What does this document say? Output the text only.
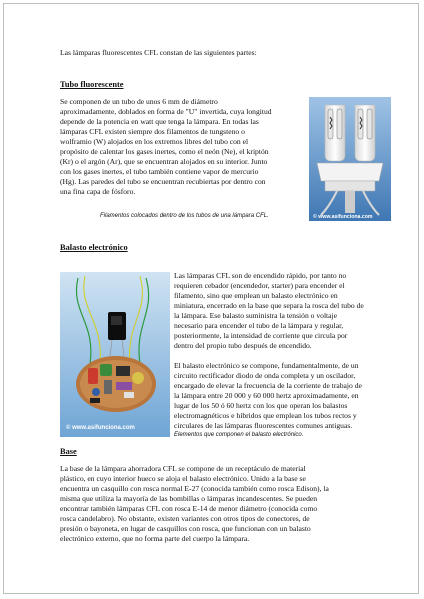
Las lámparas fluorescentes CFL constan de las siguientes partes:

Tubo fluorescente

Se componen de un tubo de unos 6 mm de diámetro

aproximadamente, doblados en forma de "U" invertida, cuya longitud

depende de la potencia en watt que tenga la lámpara. En todas las

lámparas CFL existen siempre dos filamentos de tungsteno o

wolframio (W) alojados en los extremos libres del tubo con el

propósito de calentar los gases inertes, como el neón (Ne), el kriptón

(Kr) o el argón (Ar), que se encuentran alojados en su interior. Junto

con los gases inertes, el tubo también contiene vapor de mercurio

(Hg). Las paredes del tubo se encuentran recubiertas por dentro con

una fina capa de fósforo.

© www.asifunciona.com

Filamentos colocados dentro de los tubos de una lámpara CFL.

Balasto electrónico

© www.asifunciona.com

Las lámparas CFL son de encendido rápido, por tanto no

requieren cebador (encendedor, starter) para encender el

filamento, sino que emplean un balasto electrónico en

miniatura, encerrado en la base que separa la rosca del tubo de

la lámpara. Ese balasto suministra la tensión o voltaje

necesario para encender el tubo de la lámpara y regular,

posteriormente, la intensidad de corriente que circula por

dentro del propio tubo después de encendido.

El balasto electrónico se compone, fundamentalmente, de un

circuito rectificador diodo de onda completa y un oscilador,

encargado de elevar la frecuencia de la corriente de trabajo de

la lámpara entre 20 000 y 60 000 hertz aproximadamente, en

lugar de los 50 ó 60 hertz con los que operan los balastos

electromagnéticos e híbridos que emplean los tubos rectos y

circulares de las lámparas fluorescentes comunes antiguas.

Elementos que componen el balasto electrónico.

Base

La base de la lámpara ahorradora CFL se compone de un receptáculo de material

plástico, en cuyo interior hueco se aloja el balasto electrónico. Unido a la base se

encuentra un casquillo con rosca normal E-27 (conocida también como rosca Edison), la

misma que utiliza la mayoría de las bombillas o lámparas incandescentes. Se pueden

encontrar también lámparas CFL con rosca E-14 de menor diámetro (conocida como

rosca candelabro). No obstante, existen variantes con otros tipos de conectores, de

presión o bayoneta, en lugar de casquillos con rosca, que funcionan con un balasto

electrónico externo, que no forma parte del cuerpo la lámpara.
